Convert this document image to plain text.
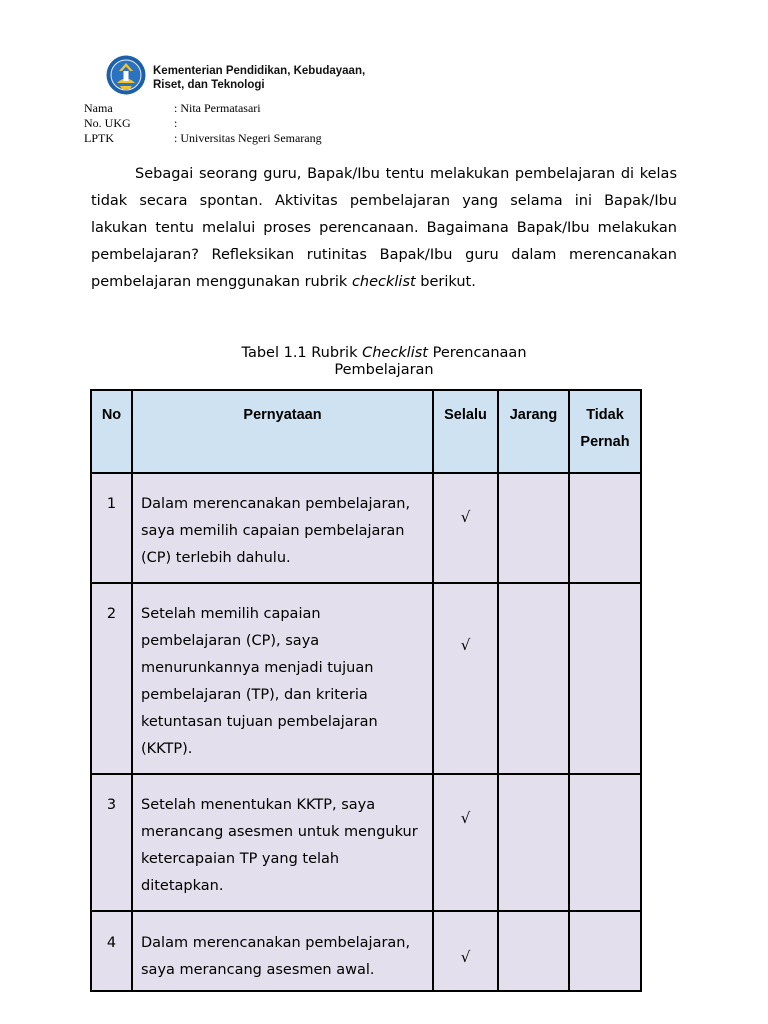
Kementerian Pendidikan, Kebudayaan,
Riset, dan Teknologi
Nama	: Nita Permatasari
No. UKG	:
LPTK	: Universitas Negeri Semarang

Sebagai seorang guru, Bapak/Ibu tentu melakukan pembelajaran di kelas tidak secara spontan. Aktivitas pembelajaran yang selama ini Bapak/Ibu lakukan tentu melalui proses perencanaan. Bagaimana Bapak/Ibu melakukan pembelajaran? Refleksikan rutinitas Bapak/Ibu guru dalam merencanakan pembelajaran menggunakan rubrik checklist berikut.

Tabel 1.1 Rubrik Checklist Perencanaan Pembelajaran
No	Pernyataan	Selalu	Jarang	Tidak Pernah
1	Dalam merencanakan pembelajaran, saya memilih capaian pembelajaran (CP) terlebih dahulu.	√		
2	Setelah memilih capaian pembelajaran (CP), saya menurunkannya menjadi tujuan pembelajaran (TP), dan kriteria ketuntasan tujuan pembelajaran (KKTP).	√		
3	Setelah menentukan KKTP, saya merancang asesmen untuk mengukur ketercapaian TP yang telah ditetapkan.	√		
4	Dalam merencanakan pembelajaran, saya merancang asesmen awal.	√		
